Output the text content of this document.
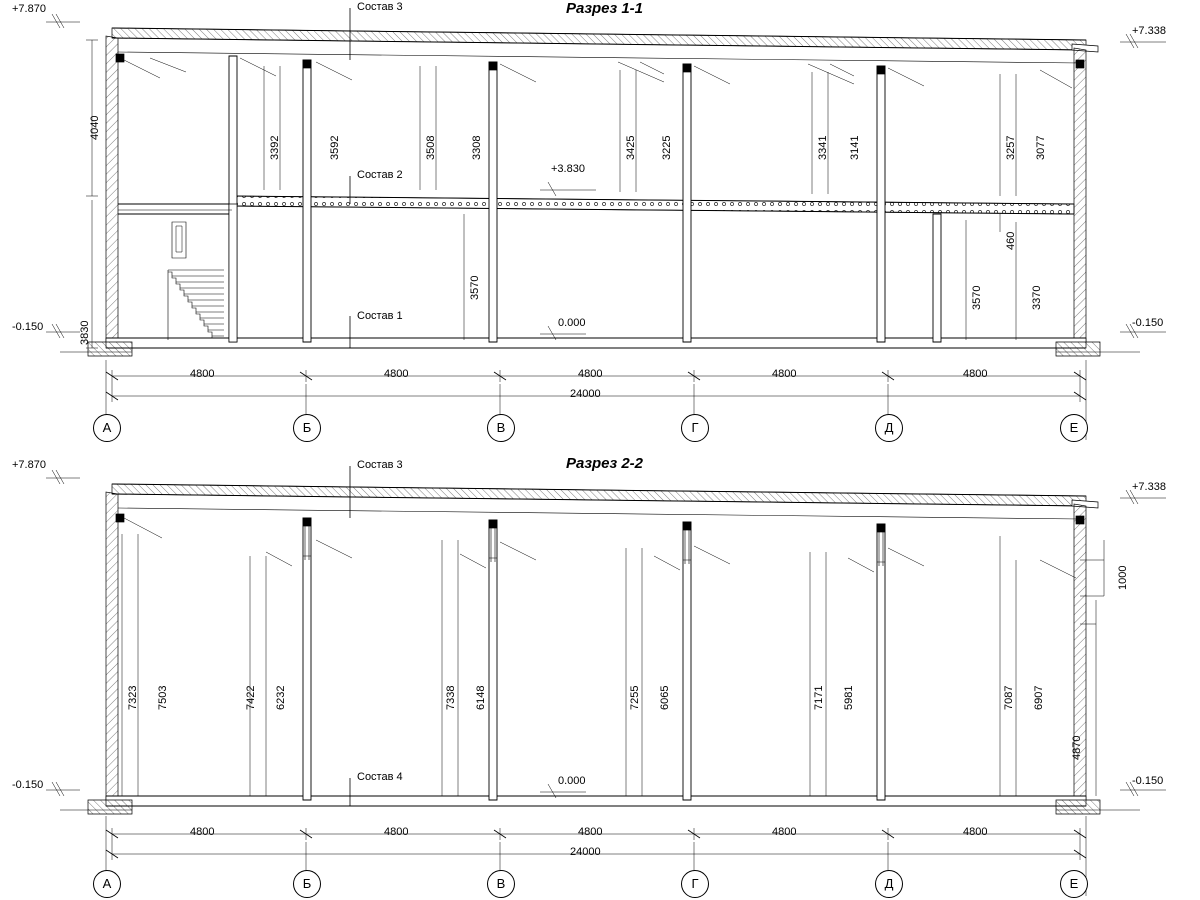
Разрез 1-1
+7.870
-0.150
+7.338
-0.150
0.000
+3.830
Состав 3
Состав 2
Состав 1
4040
3830
3392	3592	3508	3308	3425 3225	3341 3141	3257 3077
3570	3570
460
3370
4800	4800	4800	4800	4800
24000
А	Б	В	Г	Д	Е
Разрез 2-2
+7.870
-0.150
+7.338
-0.150
0.000
Состав 3
Состав 4
7323 7503	7422 6232	7338 6148	7255 6065	7171 5981	7087 6907
1000
4870
4800	4800	4800	4800	4800
24000
А	Б	В	Г	Д	Е
